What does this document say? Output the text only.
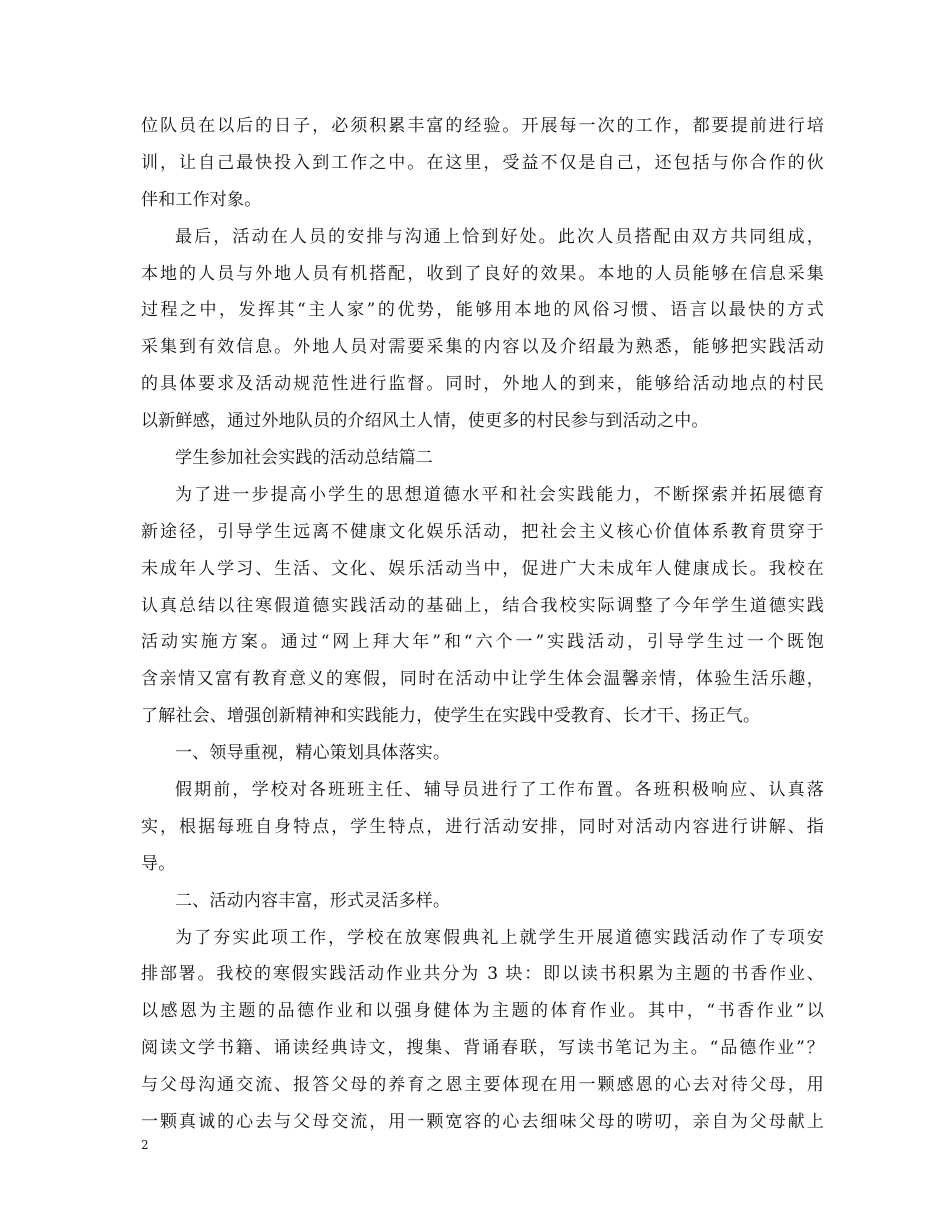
位队员在以后的日子，必须积累丰富的经验。开展每一次的工作，都要提前进行培
训，让自己最快投入到工作之中。在这里，受益不仅是自己，还包括与你合作的伙
伴和工作对象。
最后，活动在人员的安排与沟通上恰到好处。此次人员搭配由双方共同组成，
本地的人员与外地人员有机搭配，收到了良好的效果。本地的人员能够在信息采集
过程之中，发挥其“主人家”的优势，能够用本地的风俗习惯、语言以最快的方式
采集到有效信息。外地人员对需要采集的内容以及介绍最为熟悉，能够把实践活动
的具体要求及活动规范性进行监督。同时，外地人的到来，能够给活动地点的村民
以新鲜感，通过外地队员的介绍风土人情，使更多的村民参与到活动之中。
学生参加社会实践的活动总结篇二
为了进一步提高小学生的思想道德水平和社会实践能力，不断探索并拓展德育
新途径，引导学生远离不健康文化娱乐活动，把社会主义核心价值体系教育贯穿于
未成年人学习、生活、文化、娱乐活动当中，促进广大未成年人健康成长。我校在
认真总结以往寒假道德实践活动的基础上，结合我校实际调整了今年学生道德实践
活动实施方案。通过“网上拜大年”和“六个一”实践活动，引导学生过一个既饱
含亲情又富有教育意义的寒假，同时在活动中让学生体会温馨亲情，体验生活乐趣，
了解社会、增强创新精神和实践能力，使学生在实践中受教育、长才干、扬正气。
一、领导重视，精心策划具体落实。
假期前，学校对各班班主任、辅导员进行了工作布置。各班积极响应、认真落
实，根据每班自身特点，学生特点，进行活动安排，同时对活动内容进行讲解、指
导。
二、活动内容丰富，形式灵活多样。
为了夯实此项工作，学校在放寒假典礼上就学生开展道德实践活动作了专项安
排部署。我校的寒假实践活动作业共分为 3 块：即以读书积累为主题的书香作业、
以感恩为主题的品德作业和以强身健体为主题的体育作业。其中，“书香作业”以
阅读文学书籍、诵读经典诗文，搜集、背诵春联，写读书笔记为主。“品德作业”？
与父母沟通交流、报答父母的养育之恩主要体现在用一颗感恩的心去对待父母，用
一颗真诚的心去与父母交流，用一颗宽容的心去细味父母的唠叨，亲自为父母献上
2
